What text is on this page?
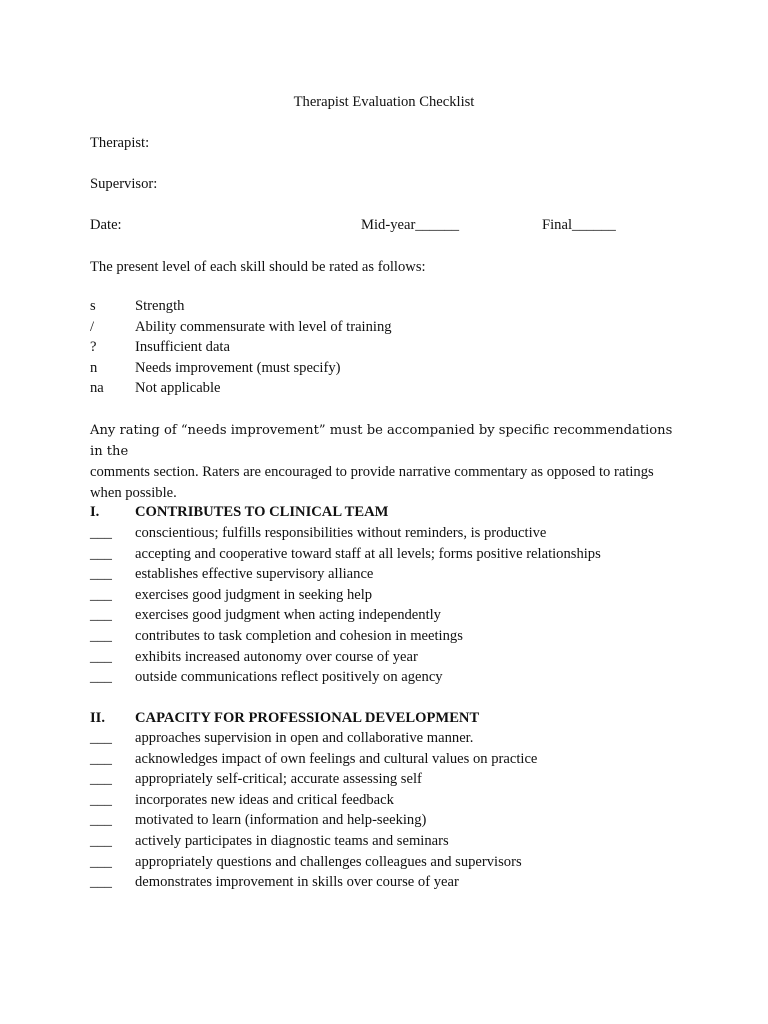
Therapist Evaluation Checklist
Therapist:
Supervisor:
Date:	Mid-year______	Final______
The present level of each skill should be rated as follows:
s	Strength
/	Ability commensurate with level of training
?	Insufficient data
n	Needs improvement (must specify)
na Not applicable
Any rating of “needs improvement” must be accompanied by specific recommendations in the
comments section. Raters are encouraged to provide narrative commentary as opposed to ratings
when possible.
I. CONTRIBUTES TO CLINICAL TEAM
___ conscientious; fulfills responsibilities without reminders, is productive
___ accepting and cooperative toward staff at all levels; forms positive relationships
___ establishes effective supervisory alliance
___ exercises good judgment in seeking help
___ exercises good judgment when acting independently
___ contributes to task completion and cohesion in meetings
___ exhibits increased autonomy over course of year
___ outside communications reflect positively on agency
II. CAPACITY FOR PROFESSIONAL DEVELOPMENT
___ approaches supervision in open and collaborative manner.
___ acknowledges impact of own feelings and cultural values on practice
___ appropriately self-critical; accurate assessing self
___ incorporates new ideas and critical feedback
___ motivated to learn (information and help-seeking)
___ actively participates in diagnostic teams and seminars
___ appropriately questions and challenges colleagues and supervisors
___ demonstrates improvement in skills over course of year
